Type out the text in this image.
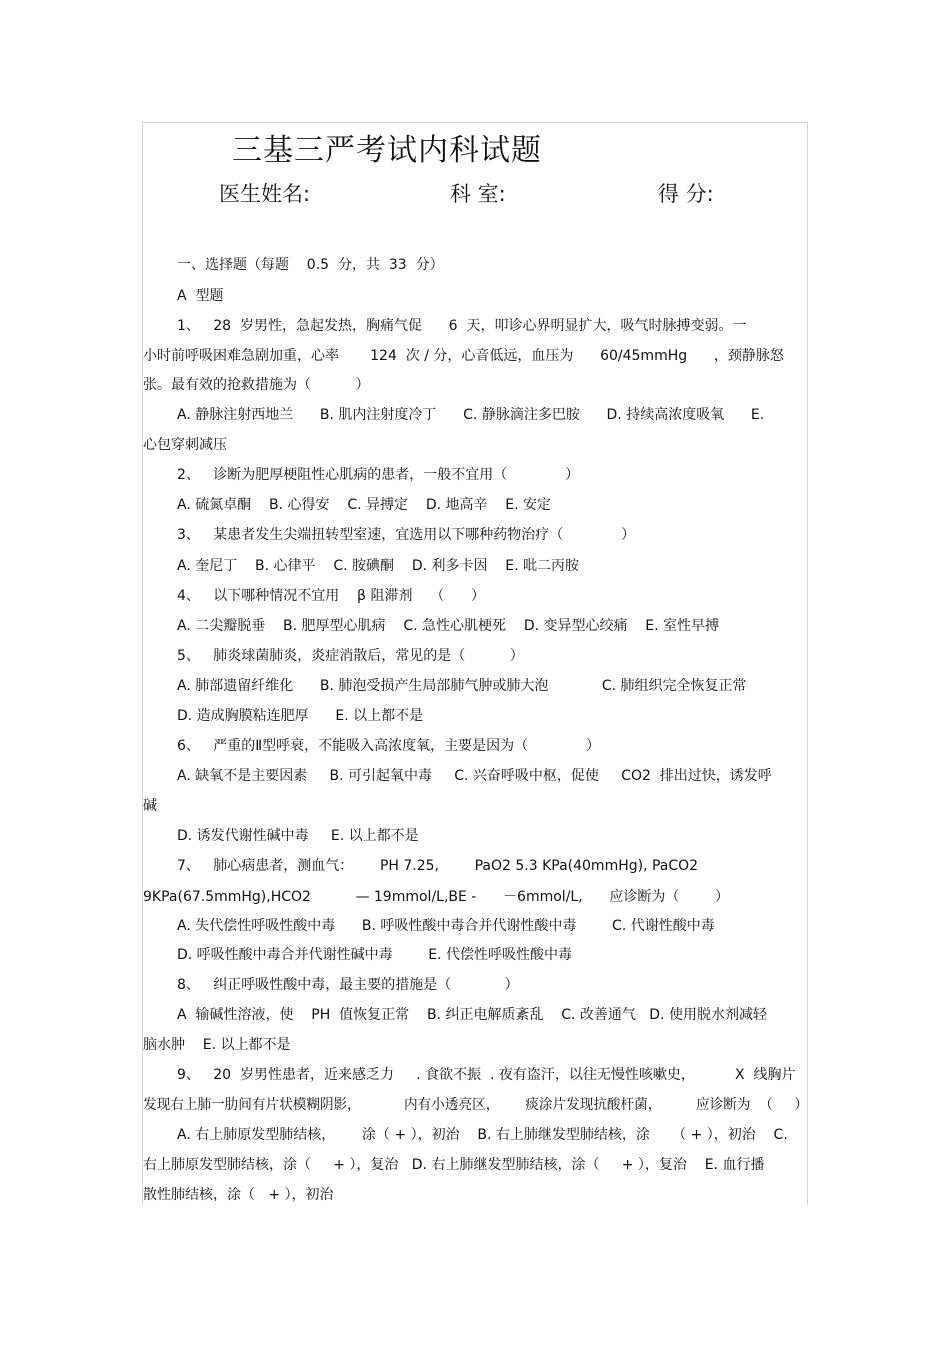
三基三严考试内科试题
医生姓名:	科 室:	得 分:
一、选择题（每题    0.5  分，共  33  分）
A  型题
1、   28  岁男性，急起发热，胸痛气促      6  天，叩诊心界明显扩大，吸气时脉搏变弱。一
小时前呼吸困难急剧加重，心率       124  次 / 分，心音低远，血压为      60/45mmHg      ，颈静脉怒
张。最有效的抢救措施为（          ）
A. 静脉注射西地兰      B. 肌内注射度冷丁      C. 静脉滴注多巴胺      D. 持续高浓度吸氧      E.
心包穿刺减压
2、   诊断为肥厚梗阻性心肌病的患者，一般不宜用（             ）
A. 硫氮卓酮    B. 心得安    C. 异搏定    D. 地高辛    E. 安定
3、   某患者发生尖端扭转型室速，宜选用以下哪种药物治疗（             ）
A. 奎尼丁    B. 心律平    C. 胺碘酮    D. 利多卡因    E. 吡二丙胺
4、   以下哪种情况不宜用    β 阻滞剂    （      ）
A. 二尖瓣脱垂    B. 肥厚型心肌病    C. 急性心肌梗死    D. 变异型心绞痛    E. 室性早搏
5、   肺炎球菌肺炎，炎症消散后，常见的是（          ）
A. 肺部遗留纤维化      B. 肺泡受损产生局部肺气肿或肺大泡            C. 肺组织完全恢复正常
D. 造成胸膜粘连肥厚      E. 以上都不是
6、   严重的Ⅱ型呼衰，不能吸入高浓度氧，主要是因为（             ）
A. 缺氧不是主要因素     B. 可引起氧中毒     C. 兴奋呼吸中枢，促使     CO2  排出过快，诱发呼
碱
D. 诱发代谢性碱中毒     E. 以上都不是
7、   肺心病患者，测血气：      PH 7.25,        PaO2 5.3 KPa(40mmHg), PaCO2
9KPa(67.5mmHg),HCO2          — 19mmol/L,BE -      －6mmol/L,      应诊断为（        ）
A. 失代偿性呼吸性酸中毒      B. 呼吸性酸中毒合并代谢性酸中毒        C. 代谢性酸中毒
D. 呼吸性酸中毒合并代谢性碱中毒        E. 代偿性呼吸性酸中毒
8、   纠正呼吸性酸中毒，最主要的措施是（            ）
A  输碱性溶液，使    PH  值恢复正常    B. 纠正电解质紊乱    C. 改善通气   D. 使用脱水剂减轻
脑水肿    E. 以上都不是
9、   20  岁男性患者，近来感乏力     . 食欲不振  . 夜有盗汗，以往无慢性咳嗽史，         X  线胸片
发现右上肺一肋间有片状模糊阴影，          内有小透亮区，      痰涂片发现抗酸杆菌，        应诊断为  （     ）
A. 右上肺原发型肺结核，      涂（ + ），初治    B. 右上肺继发型肺结核，涂     （ + ），初治    C.
右上肺原发型肺结核，涂（     + ），复治   D. 右上肺继发型肺结核，涂（     + ），复治    E. 血行播
散性肺结核，涂（   + ），初治
